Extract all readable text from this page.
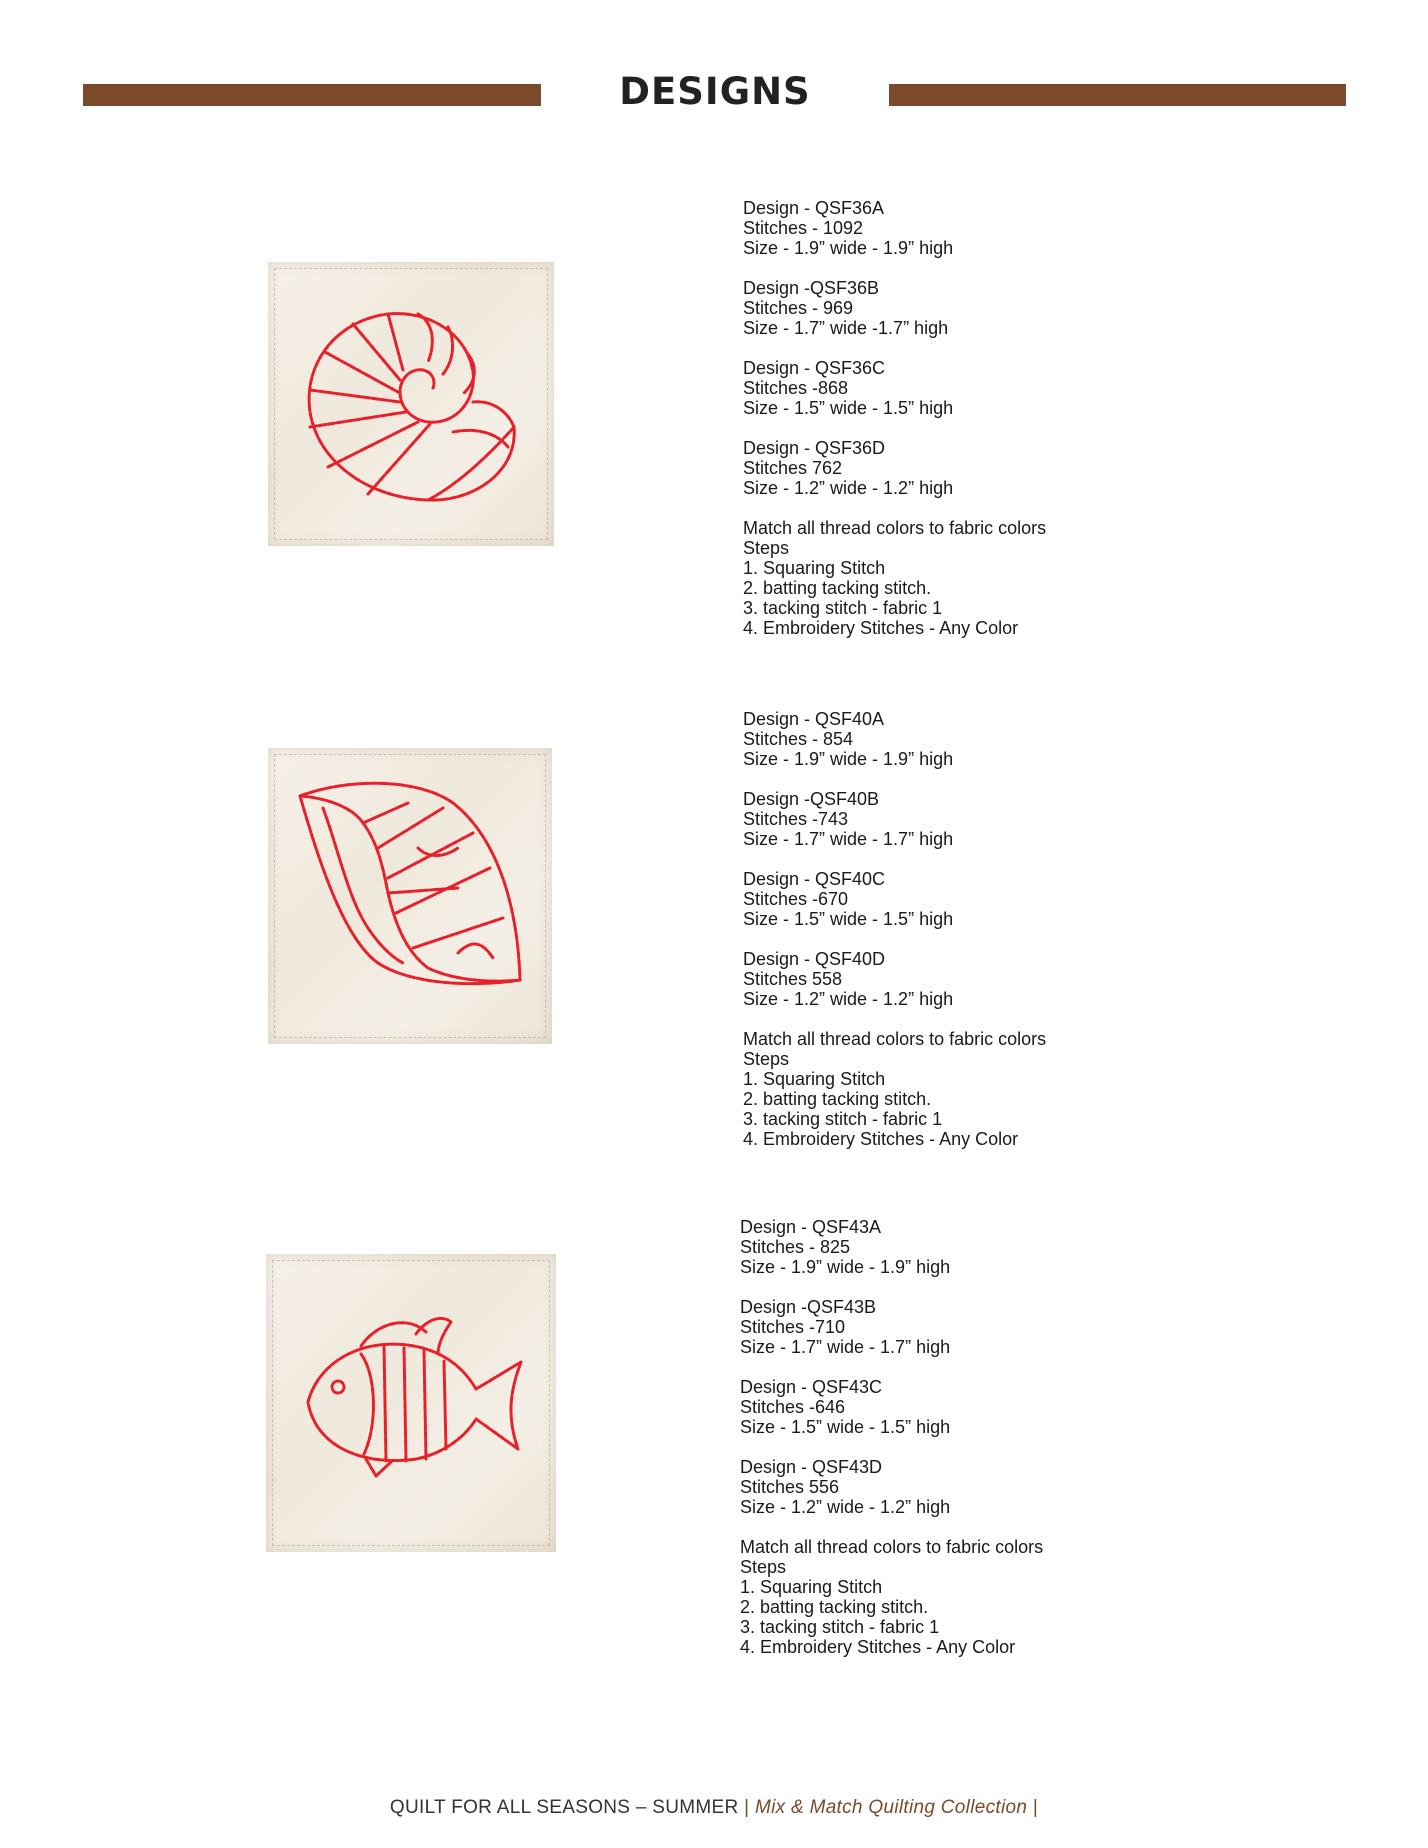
DESIGNS
Design - QSF36A
Stitches - 1092
Size - 1.9” wide - 1.9” high
Design -QSF36B
Stitches - 969
Size - 1.7” wide -1.7” high
Design - QSF36C
Stitches -868
Size - 1.5” wide - 1.5” high
Design - QSF36D
Stitches 762
Size - 1.2” wide - 1.2” high
Match all thread colors to fabric colors
Steps
1. Squaring Stitch
2. batting tacking stitch.
3. tacking stitch - fabric 1
4. Embroidery Stitches - Any Color
Design - QSF40A
Stitches - 854
Size - 1.9” wide - 1.9” high
Design -QSF40B
Stitches -743
Size - 1.7” wide - 1.7” high
Design - QSF40C
Stitches -670
Size - 1.5” wide - 1.5” high
Design - QSF40D
Stitches 558
Size - 1.2” wide - 1.2” high
Match all thread colors to fabric colors
Steps
1. Squaring Stitch
2. batting tacking stitch.
3. tacking stitch - fabric 1
4. Embroidery Stitches - Any Color
Design - QSF43A
Stitches - 825
Size - 1.9” wide - 1.9” high
Design -QSF43B
Stitches -710
Size - 1.7” wide - 1.7” high
Design - QSF43C
Stitches -646
Size - 1.5” wide - 1.5” high
Design - QSF43D
Stitches 556
Size - 1.2” wide - 1.2” high
Match all thread colors to fabric colors
Steps
1. Squaring Stitch
2. batting tacking stitch.
3. tacking stitch - fabric 1
4. Embroidery Stitches - Any Color
QUILT FOR ALL SEASONS – SUMMER | Mix & Match Quilting Collection |
